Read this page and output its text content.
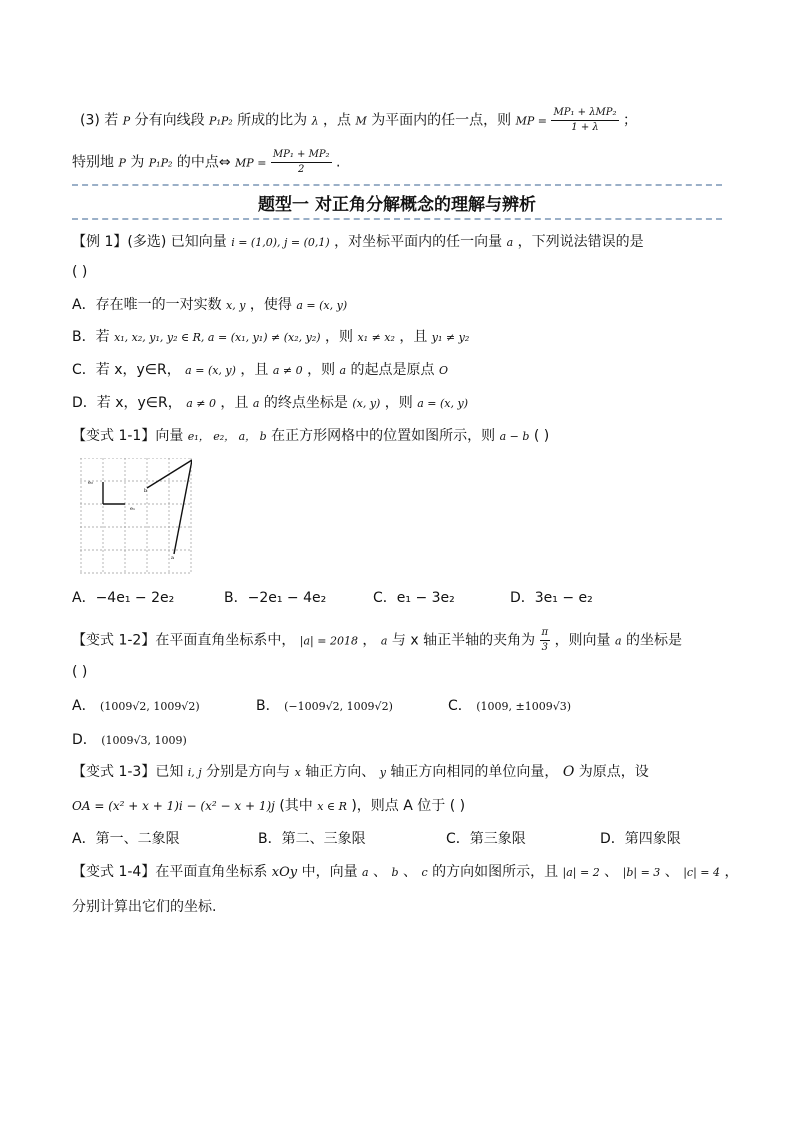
(3) 若 P 分有向线段 P₁P₂ 所成的比为 λ ，点 M 为平面内的任一点，则 MP = $\frac{\text{MP₁ + λMP₂}}{1 + \lambda}$ ；
特别地 P 为 P₁P₂ 的中点⇔ MP = $\frac{\text{MP₁ + MP₂}}{2}$ .
题型一 对正角分解概念的理解与辨析
【例 1】(多选) 已知向量 i = (1,0), j = (0,1) ，对坐标平面内的任一向量 a ，下列说法错误的是
( )
A．存在唯一的一对实数 x, y ，使得 a = (x, y)
B．若 x₁, x₂, y₁, y₂ ∈ R, a = (x₁, y₁) ≠ (x₂, y₂) ，则 x₁ ≠ x₂ ，且 y₁ ≠ y₂
C．若 x，y∈R， a = (x, y) ，且 a ≠ 0 ，则 a 的起点是原点 O
D．若 x，y∈R， a ≠ 0 ，且 a 的终点坐标是 (x, y) ，则 a = (x, y)
【变式 1-1】向量 e₁， e₂， a， b 在正方形网格中的位置如图所示，则 a − b ( )
e₂
e₁
b
a
A．−4e₁ − 2e₂	B．−2e₁ − 4e₂	C．e₁ − 3e₂	D．3e₁ − e₂
【变式 1-2】在平面直角坐标系中， |a| = 2018 ， a 与 x 轴正半轴的夹角为 $\frac{\pi}{3}$ ，则向量 a 的坐标是
( )
A． (1009√2, 1009√2)	B． (−1009√2, 1009√2)	C． (1009, ±1009√3)
D． (1009√3, 1009)
【变式 1-3】已知 i, j 分别是方向与 x 轴正方向、 y 轴正方向相同的单位向量， O 为原点，设
OA = (x² + x + 1)i − (x² − x + 1)j (其中 x ∈ R )，则点 A 位于 ( )
A．第一、二象限	B．第二、三象限	C．第三象限	D．第四象限
【变式 1-4】在平面直角坐标系 xOy 中，向量 a 、 b 、 c 的方向如图所示，且 |a| = 2 、 |b| = 3 、 |c| = 4 ，
分别计算出它们的坐标.
